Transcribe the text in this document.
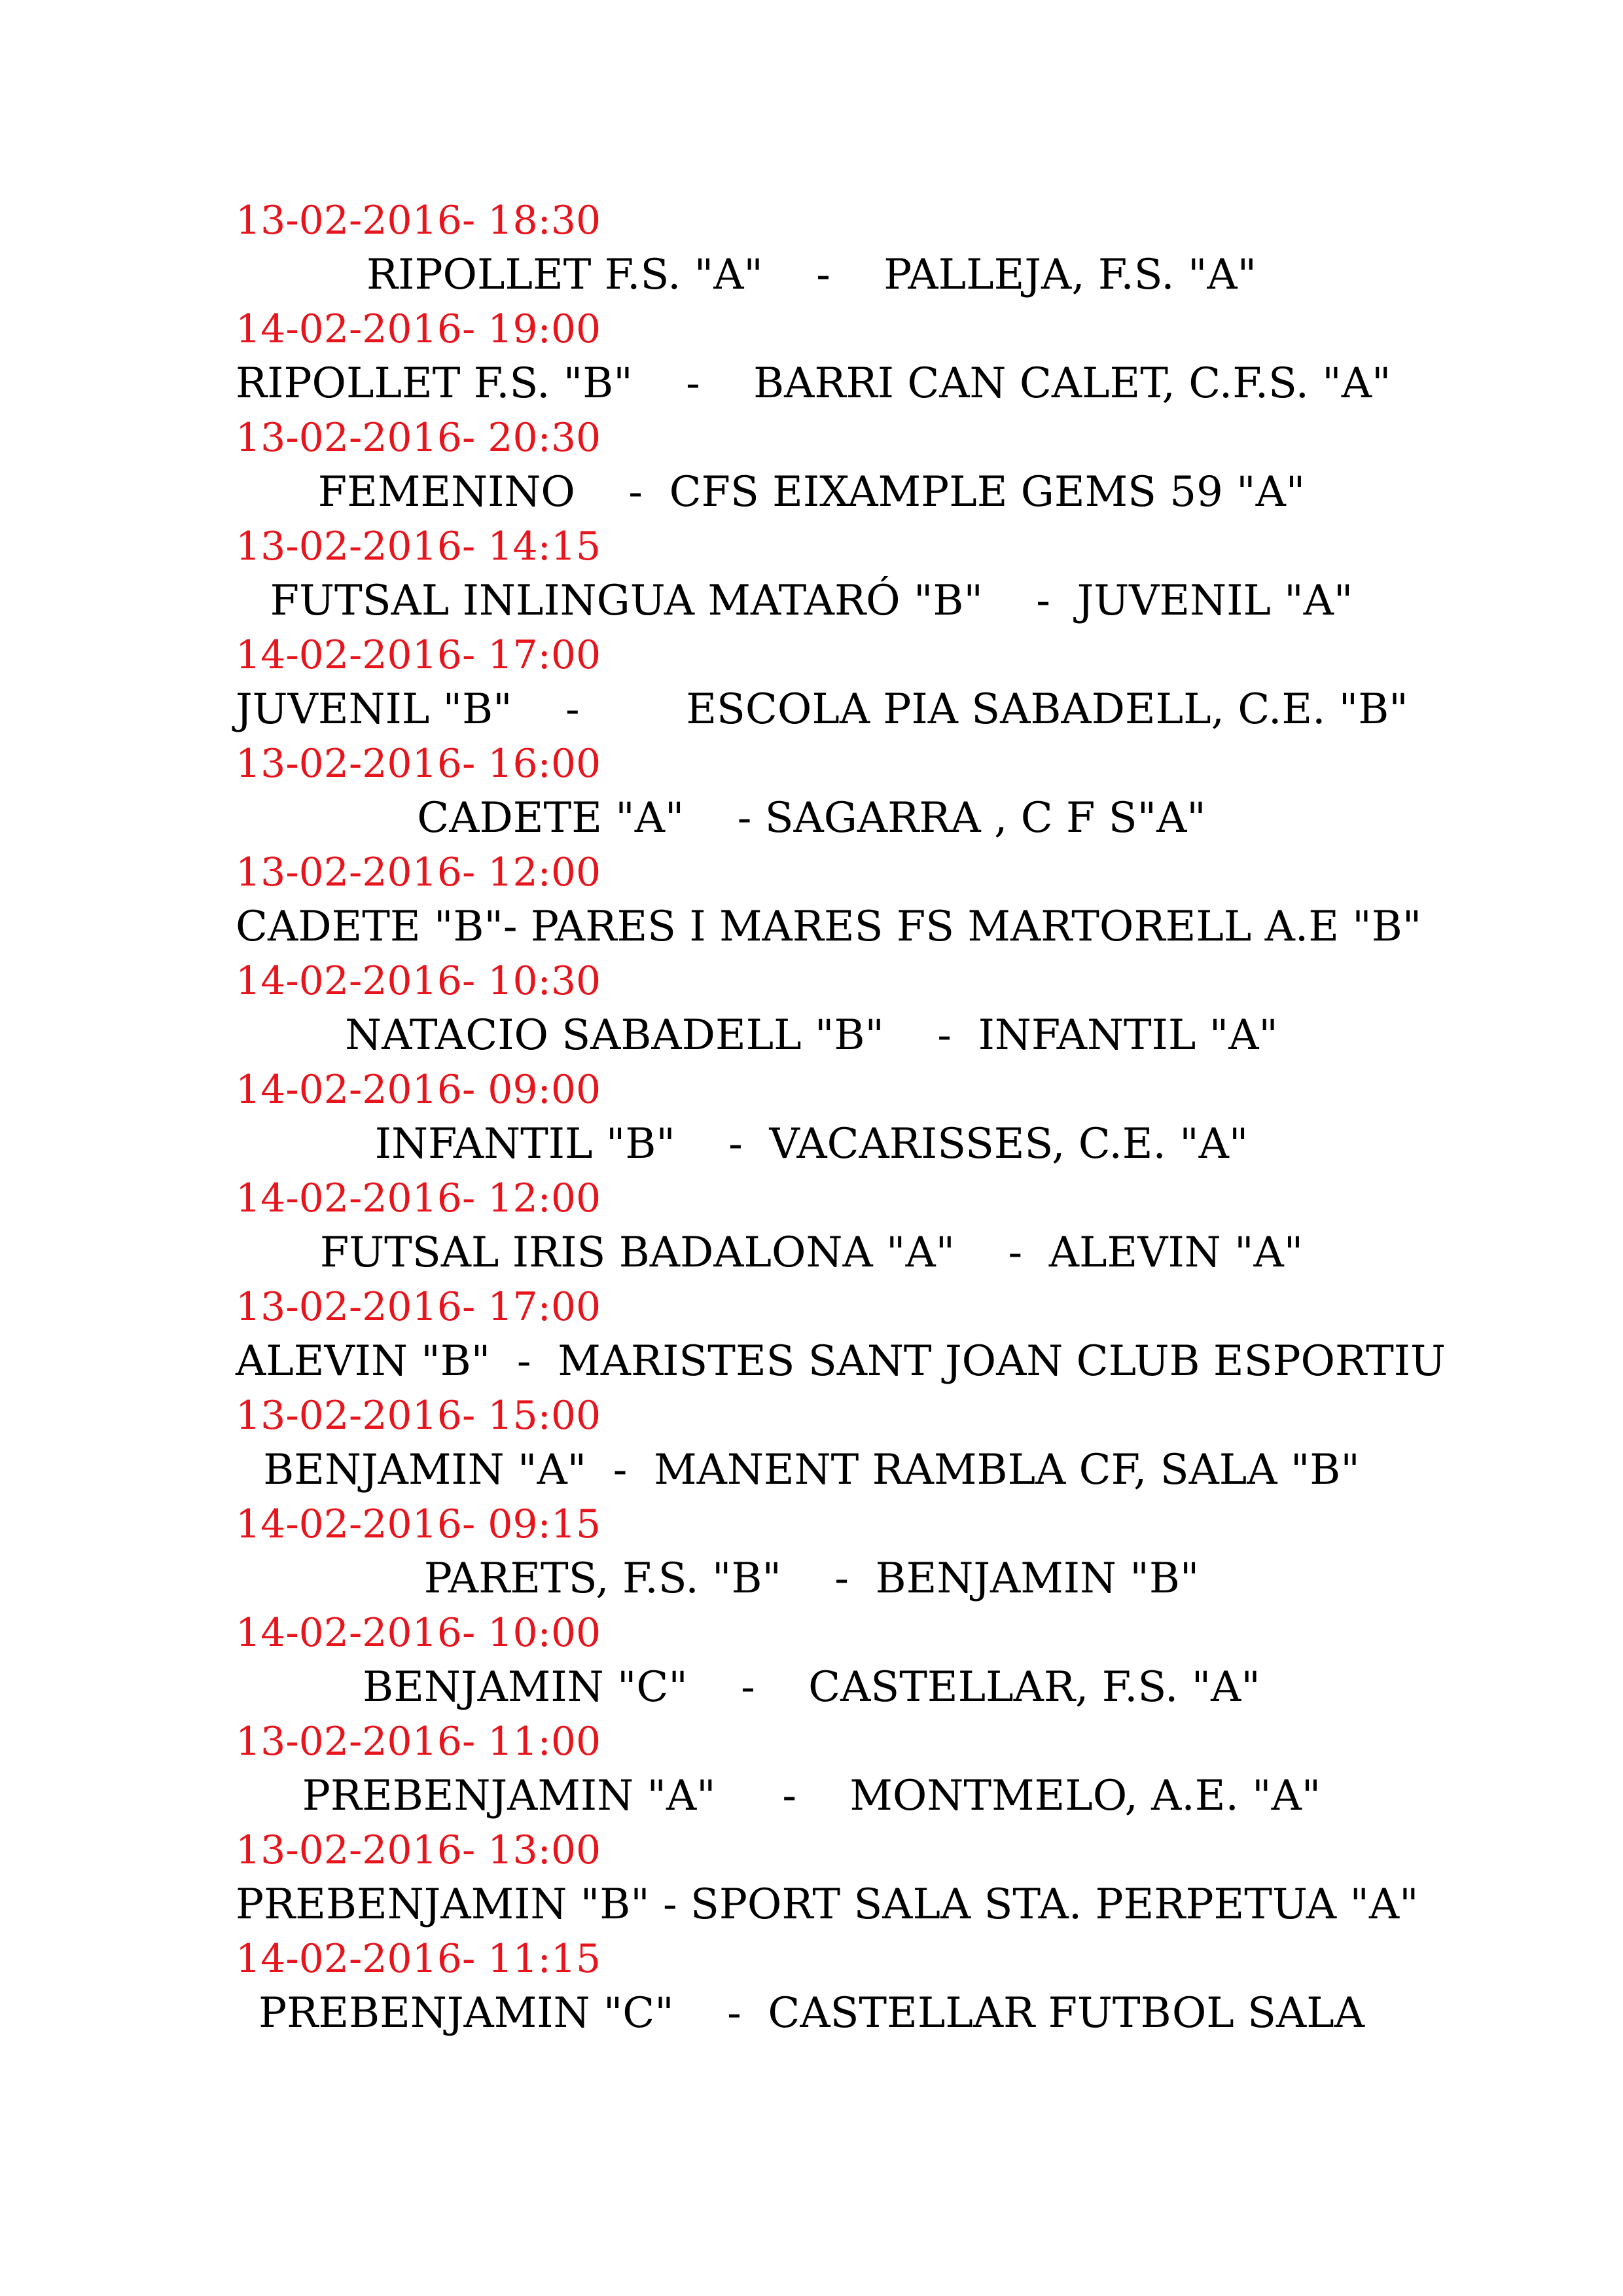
13-02-2016- 18:30
RIPOLLET F.S. "A"    -    PALLEJA, F.S. "A"
14-02-2016- 19:00
RIPOLLET F.S. "B"    -    BARRI CAN CALET, C.F.S. "A"
13-02-2016- 20:30
FEMENINO    -  CFS EIXAMPLE GEMS 59 "A"
13-02-2016- 14:15
FUTSAL INLINGUA MATARÓ "B"    -  JUVENIL "A"
14-02-2016- 17:00
JUVENIL "B"    -        ESCOLA PIA SABADELL, C.E. "B"
13-02-2016- 16:00
CADETE "A"    - SAGARRA , C F S"A"
13-02-2016- 12:00
CADETE "B"- PARES I MARES FS MARTORELL A.E "B"
14-02-2016- 10:30
NATACIO SABADELL "B"    -  INFANTIL "A"
14-02-2016- 09:00
INFANTIL "B"    -  VACARISSES, C.E. "A"
14-02-2016- 12:00
FUTSAL IRIS BADALONA "A"    -  ALEVIN "A"
13-02-2016- 17:00
ALEVIN "B"  -  MARISTES SANT JOAN CLUB ESPORTIU
13-02-2016- 15:00
BENJAMIN "A"  -  MANENT RAMBLA CF, SALA "B"
14-02-2016- 09:15
PARETS, F.S. "B"    -  BENJAMIN "B"
14-02-2016- 10:00
BENJAMIN "C"    -    CASTELLAR, F.S. "A"
13-02-2016- 11:00
PREBENJAMIN "A"     -    MONTMELO, A.E. "A"
13-02-2016- 13:00
PREBENJAMIN "B" - SPORT SALA STA. PERPETUA "A"
14-02-2016- 11:15
PREBENJAMIN "C"    -  CASTELLAR FUTBOL SALA
